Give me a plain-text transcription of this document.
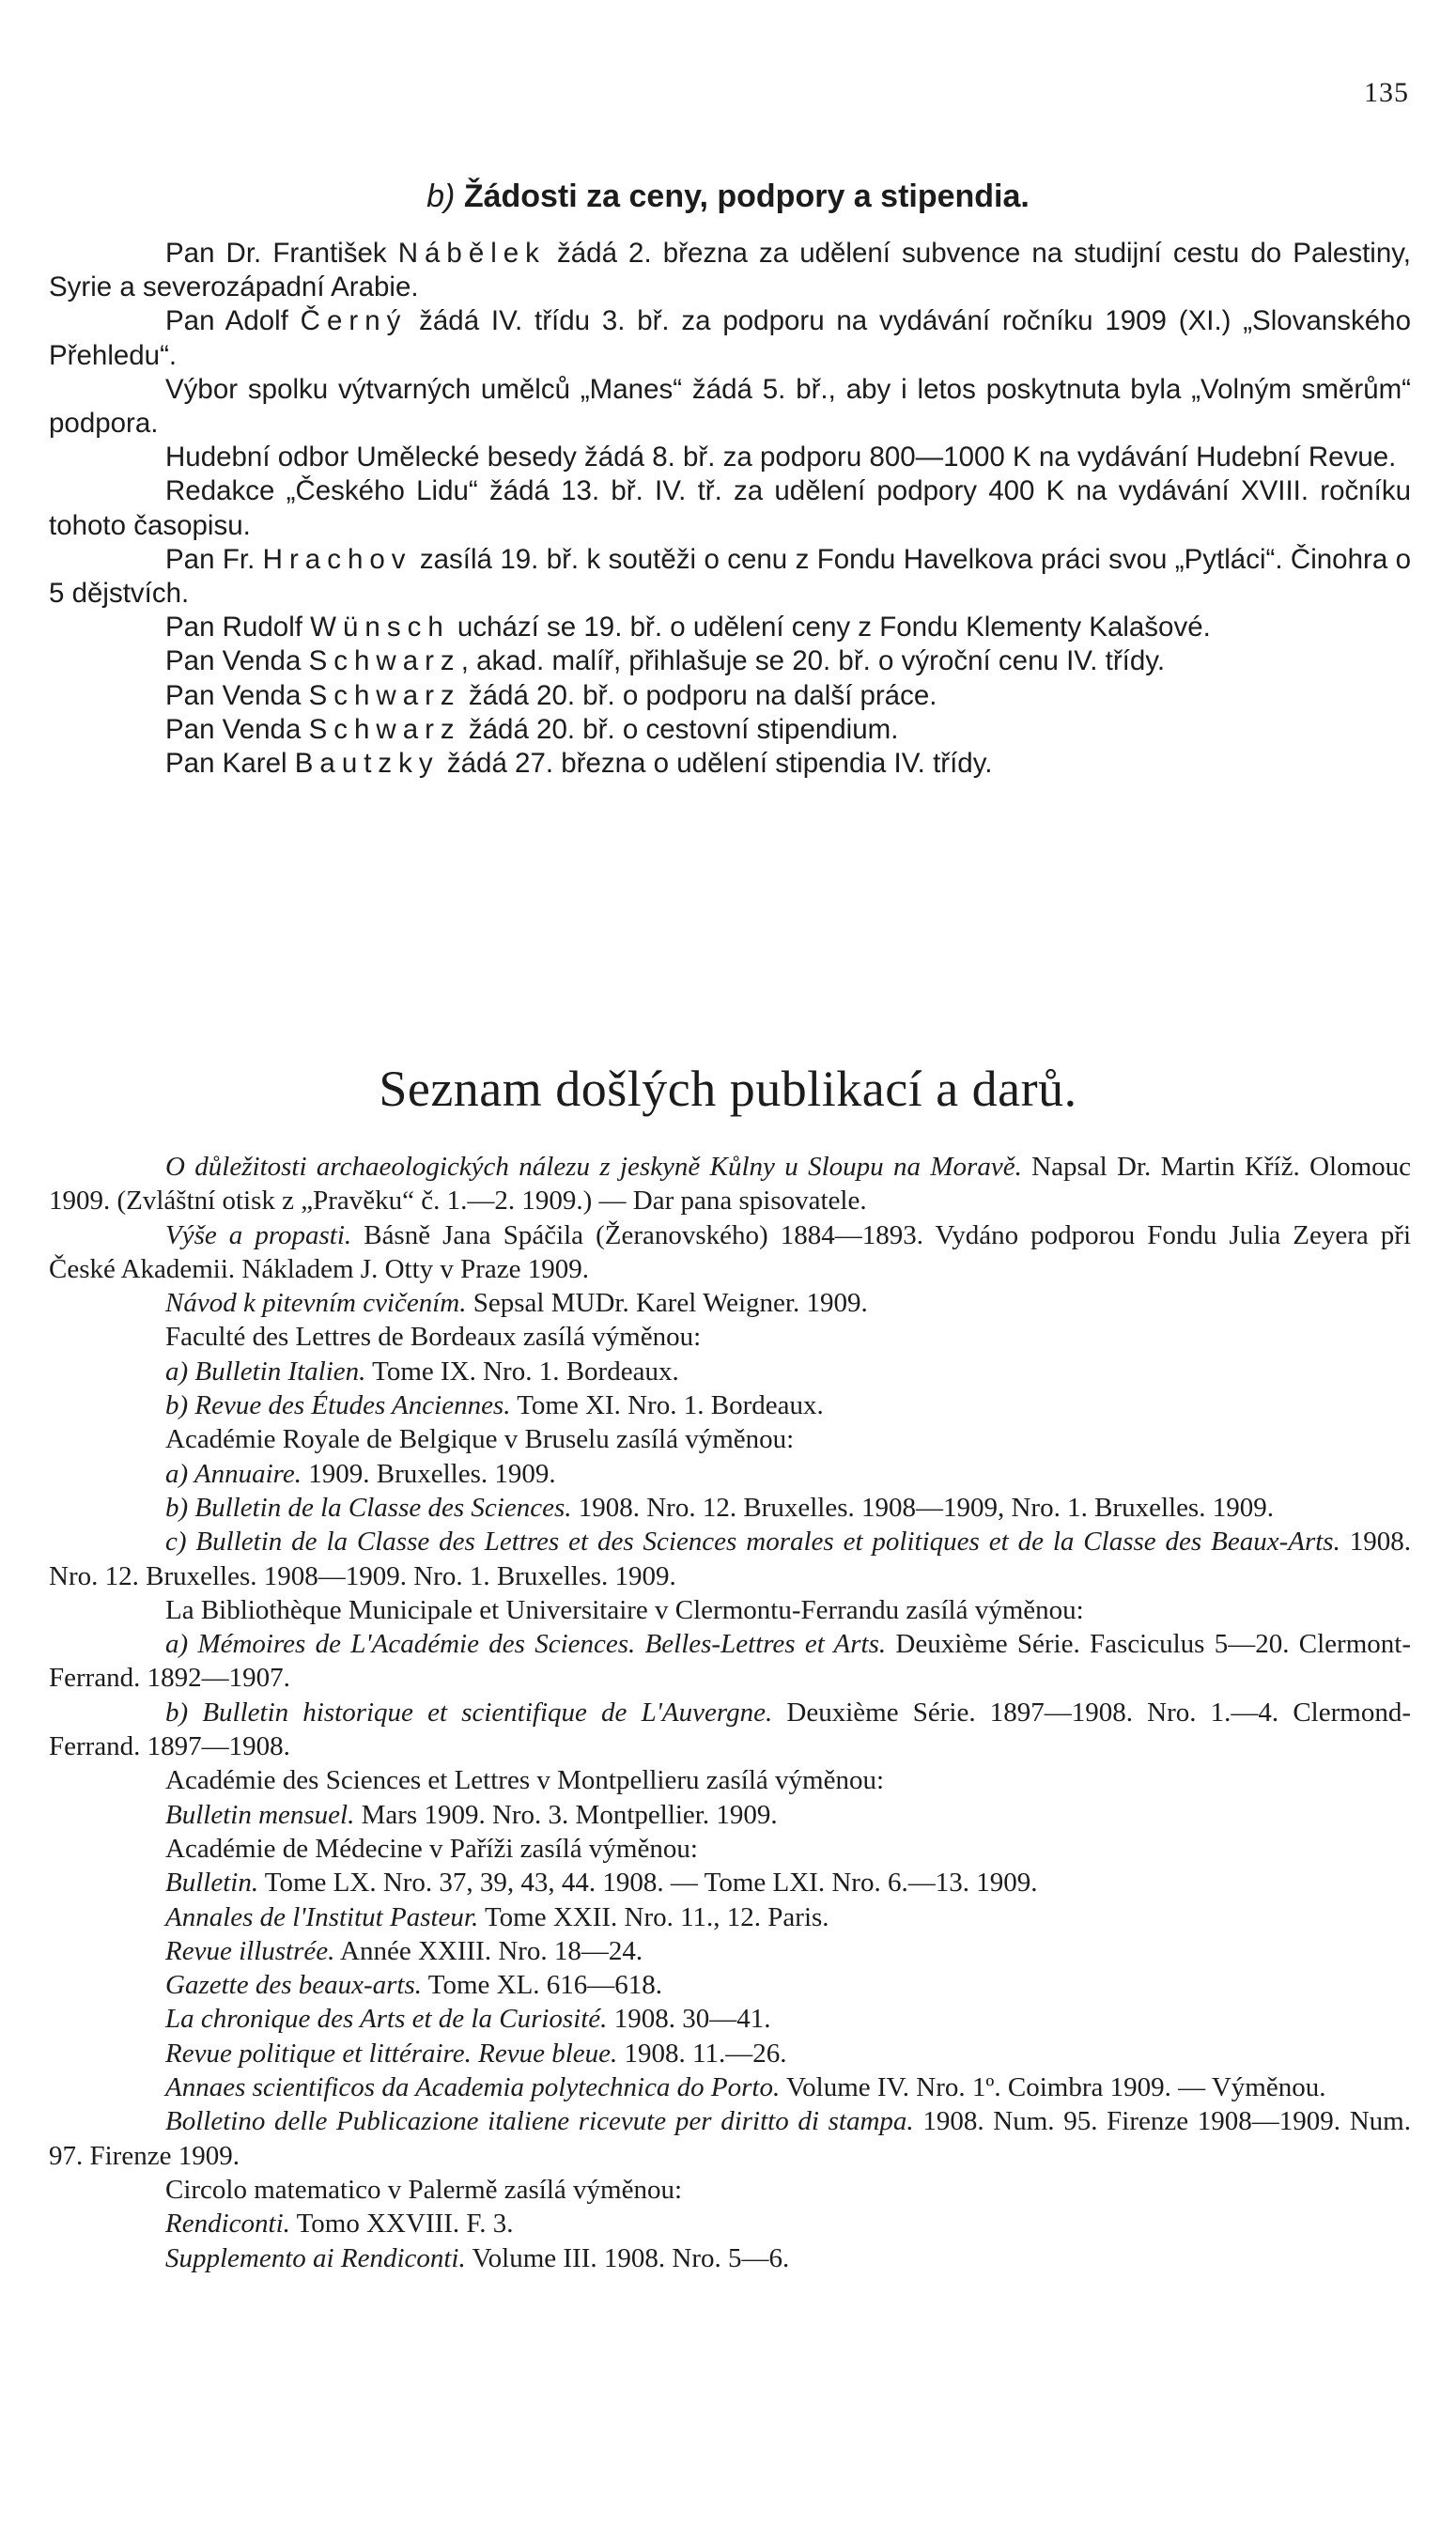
135
b) Žádosti za ceny, podpory a stipendia.

Pan Dr. František Nábělek žádá 2. března za udělení subvence na studijní cestu do Palestiny, Syrie a severozápadní Arabie.

Pan Adolf Černý žádá IV. třídu 3. bř. za podporu na vydávání ročníku 1909 (XI.) „Slovanského Přehledu“.

Výbor spolku výtvarných umělců „Manes“ žádá 5. bř., aby i letos poskytnuta byla „Volným směrům“ podpora.

Hudební odbor Umělecké besedy žádá 8. bř. za podporu 800—1000 K na vydávání Hudební Revue.

Redakce „Českého Lidu“ žádá 13. bř. IV. tř. za udělení podpory 400 K na vydávání XVIII. ročníku tohoto časopisu.

Pan Fr. Hrachov zasílá 19. bř. k soutěži o cenu z Fondu Havelkova práci svou „Pytláci“. Činohra o 5 dějstvích.

Pan Rudolf Wünsch uchází se 19. bř. o udělení ceny z Fondu Klementy Kalašové.

Pan Venda Schwarz, akad. malíř, přihlašuje se 20. bř. o výroční cenu IV. třídy.

Pan Venda Schwarz žádá 20. bř. o podporu na další práce.

Pan Venda Schwarz žádá 20. bř. o cestovní stipendium.

Pan Karel Bautzky žádá 27. března o udělení stipendia IV. třídy.

Seznam došlých publikací a darů.

O důležitosti archaeologických nálezu z jeskyně Kůlny u Sloupu na Moravě. Napsal Dr. Martin Kříž. Olomouc 1909. (Zvláštní otisk z „Pravěku“ č. 1.—2. 1909.) — Dar pana spisovatele.

Výše a propasti. Básně Jana Spáčila (Žeranovského) 1884—1893. Vydáno podporou Fondu Julia Zeyera při České Akademii. Nákladem J. Otty v Praze 1909.

Návod k pitevním cvičením. Sepsal MUDr. Karel Weigner. 1909.

Faculté des Lettres de Bordeaux zasílá výměnou:

a) Bulletin Italien. Tome IX. Nro. 1. Bordeaux.

b) Revue des Études Anciennes. Tome XI. Nro. 1. Bordeaux.

Académie Royale de Belgique v Bruselu zasílá výměnou:

a) Annuaire. 1909. Bruxelles. 1909.

b) Bulletin de la Classe des Sciences. 1908. Nro. 12. Bruxelles. 1908—1909, Nro. 1. Bruxelles. 1909.

c) Bulletin de la Classe des Lettres et des Sciences morales et politiques et de la Classe des Beaux-Arts. 1908. Nro. 12. Bruxelles. 1908—1909. Nro. 1. Bruxelles. 1909.

La Bibliothèque Municipale et Universitaire v Clermontu-Ferrandu zasílá výměnou:

a) Mémoires de L'Académie des Sciences. Belles-Lettres et Arts. Deuxième Série. Fasciculus 5—20. Clermont-Ferrand. 1892—1907.

b) Bulletin historique et scientifique de L'Auvergne. Deuxième Série. 1897—1908. Nro. 1.—4. Clermond-Ferrand. 1897—1908.

Académie des Sciences et Lettres v Montpellieru zasílá výměnou:

Bulletin mensuel. Mars 1909. Nro. 3. Montpellier. 1909.

Académie de Médecine v Paříži zasílá výměnou:

Bulletin. Tome LX. Nro. 37, 39, 43, 44. 1908. — Tome LXI. Nro. 6.—13. 1909.

Annales de l'Institut Pasteur. Tome XXII. Nro. 11., 12. Paris.

Revue illustrée. Année XXIII. Nro. 18—24.

Gazette des beaux-arts. Tome XL. 616—618.

La chronique des Arts et de la Curiosité. 1908. 30—41.

Revue politique et littéraire. Revue bleue. 1908. 11.—26.

Annaes scientificos da Academia polytechnica do Porto. Volume IV. Nro. 1º. Coimbra 1909. — Výměnou.

Bolletino delle Publicazione italiene ricevute per diritto di stampa. 1908. Num. 95. Firenze 1908—1909. Num. 97. Firenze 1909.

Circolo matematico v Palermě zasílá výměnou:

Rendiconti. Tomo XXVIII. F. 3.

Supplemento ai Rendiconti. Volume III. 1908. Nro. 5—6.
